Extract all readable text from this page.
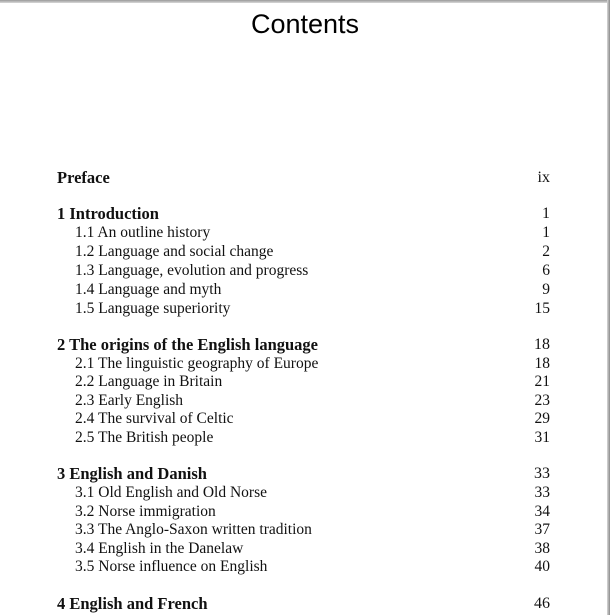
Contents
Preface	ix
1 Introduction	1
1.1 An outline history	1
1.2 Language and social change	2
1.3 Language, evolution and progress	6
1.4 Language and myth	9
1.5 Language superiority	15
2 The origins of the English language	18
2.1 The linguistic geography of Europe	18
2.2 Language in Britain	21
2.3 Early English	23
2.4 The survival of Celtic	29
2.5 The British people	31
3 English and Danish	33
3.1 Old English and Old Norse	33
3.2 Norse immigration	34
3.3 The Anglo-Saxon written tradition	37
3.4 English in the Danelaw	38
3.5 Norse influence on English	40
4 English and French	46
